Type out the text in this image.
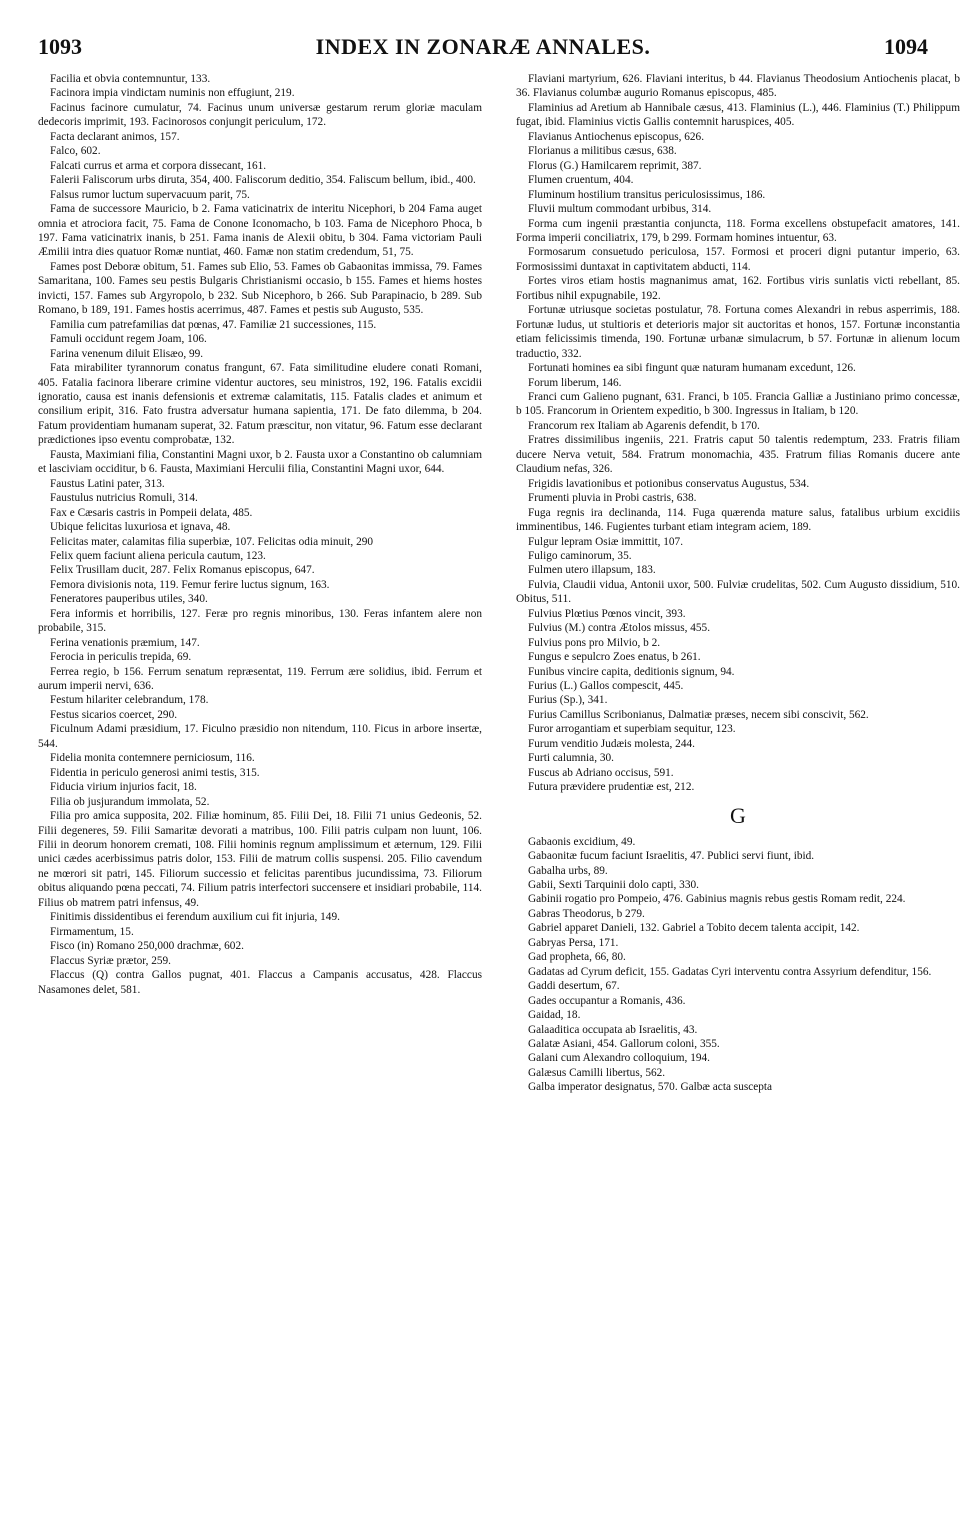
1093	INDEX IN ZONARÆ ANNALES.	1094

Facilia et obvia contemnuntur, 133.

Facinora impia vindictam numinis non effugiunt, 219.

Facinus facinore cumulatur, 74. Facinus unum universæ gestarum rerum gloriæ maculam dedecoris imprimit, 193. Facinorosos conjungit periculum, 172.

Facta declarant animos, 157.

Falco, 602.

Falcati currus et arma et corpora dissecant, 161.

Falerii Faliscorum urbs diruta, 354, 400. Faliscorum deditio, 354. Faliscum bellum, ibid., 400.

Falsus rumor luctum supervacuum parit, 75.

Fama de successore Mauricio, b 2. Fama vaticinatrix de interitu Nicephori, b 204 Fama auget omnia et atrociora facit, 75. Fama de Conone Iconomacho, b 103. Fama de Nicephoro Phoca, b 197. Fama vaticinatrix inanis, b 251. Fama inanis de Alexii obitu, b 304. Fama victoriam Pauli Æmilii intra dies quatuor Romæ nuntiat, 460. Famæ non statim credendum, 51, 75.

Fames post Deboræ obitum, 51. Fames sub Elio, 53. Fames ob Gabaonitas immissa, 79. Fames Samaritana, 100. Fames seu pestis Bulgaris Christianismi occasio, b 155. Fames et hiems hostes invicti, 157. Fames sub Argyropolo, b 232. Sub Nicephoro, b 266. Sub Parapinacio, b 289. Sub Romano, b 189, 191. Fames hostis acerrimus, 487. Fames et pestis sub Augusto, 535.

Familia cum patrefamilias dat pœnas, 47. Familiæ 21 successiones, 115.

Famuli occidunt regem Joam, 106.

Farina venenum diluit Elisæo, 99.

Fata mirabiliter tyrannorum conatus frangunt, 67. Fata similitudine eludere conati Romani, 405. Fatalia facinora liberare crimine videntur auctores, seu ministros, 192, 196. Fatalis excidii ignoratio, causa est inanis defensionis et extremæ calamitatis, 115. Fatalis clades et animum et consilium eripit, 316. Fato frustra adversatur humana sapientia, 171. De fato dilemma, b 204. Fatum providentiam humanam superat, 32. Fatum præscitur, non vitatur, 96. Fatum esse declarant prædictiones ipso eventu comprobatæ, 132.

Fausta, Maximiani filia, Constantini Magni uxor, b 2. Fausta uxor a Constantino ob calumniam et lasciviam occiditur, b 6. Fausta, Maximiani Herculii filia, Constantini Magni uxor, 644.

Faustus Latini pater, 313.

Faustulus nutricius Romuli, 314.

Fax e Cæsaris castris in Pompeii delata, 485.

Ubique felicitas luxuriosa et ignava, 48.

Felicitas mater, calamitas filia superbiæ, 107. Felicitas odia minuit, 290

Felix quem faciunt aliena pericula cautum, 123.

Felix Trusillam ducit, 287. Felix Romanus episcopus, 647.

Femora divisionis nota, 119. Femur ferire luctus signum, 163.

Feneratores pauperibus utiles, 340.

Fera informis et horribilis, 127. Feræ pro regnis minoribus, 130. Feras infantem alere non probabile, 315.

Ferina venationis præmium, 147.

Ferocia in periculis trepida, 69.

Ferrea regio, b 156. Ferrum senatum repræsentat, 119. Ferrum ære solidius, ibid. Ferrum et aurum imperii nervi, 636.

Festum hilariter celebrandum, 178.

Festus sicarios coercet, 290.

Ficulnum Adami præsidium, 17. Ficulno præsidio non nitendum, 110. Ficus in arbore insertæ, 544.

Fidelia monita contemnere perniciosum, 116.

Fidentia in periculo generosi animi testis, 315.

Fiducia virium injurios facit, 18.

Filia ob jusjurandum immolata, 52.

Filia pro amica supposita, 202. Filiæ hominum, 85. Filii Dei, 18. Filii 71 unius Gedeonis, 52. Filii degeneres, 59. Filii Samaritæ devorati a matribus, 100. Filii patris culpam non luunt, 106. Filii in deorum honorem cremati, 108. Filii hominis regnum amplissimum et æternum, 129. Filii unici cædes acerbissimus patris dolor, 153. Filii de matrum collis suspensi. 205. Filio cavendum ne mœrori sit patri, 145. Filiorum successio et felicitas parentibus jucundissima, 73. Filiorum obitus aliquando pœna peccati, 74. Filium patris interfectori succensere et insidiari probabile, 114. Filius ob matrem patri infensus, 49.

Finitimis dissidentibus ei ferendum auxilium cui fit injuria, 149.

Firmamentum, 15.

Fisco (in) Romano 250,000 drachmæ, 602.

Flaccus Syriæ prætor, 259.

Flaccus (Q) contra Gallos pugnat, 401. Flaccus a Campanis accusatus, 428. Flaccus Nasamones delet, 581.

Flaviani martyrium, 626. Flaviani interitus, b 44. Flavianus Theodosium Antiochenis placat, b 36. Flavianus columbæ augurio Romanus episcopus, 485.

Flaminius ad Aretium ab Hannibale cæsus, 413. Flaminius (L.), 446. Flaminius (T.) Philippum fugat, ibid. Flaminius victis Gallis contemnit haruspices, 405.

Flavianus Antiochenus episcopus, 626.

Florianus a militibus cæsus, 638.

Florus (G.) Hamilcarem reprimit, 387.

Flumen cruentum, 404.

Fluminum hostilium transitus periculosissimus, 186.

Fluvii multum commodant urbibus, 314.

Forma cum ingenii præstantia conjuncta, 118. Forma excellens obstupefacit amatores, 141. Forma imperii conciliatrix, 179, b 299. Formam homines intuentur, 63.

Formosarum consuetudo periculosa, 157. Formosi et proceri digni putantur imperio, 63. Formosissimi duntaxat in captivitatem abducti, 114.

Fortes viros etiam hostis magnanimus amat, 162. Fortibus viris sunlatis victi rebellant, 85. Fortibus nihil expugnabile, 192.

Fortunæ utriusque societas postulatur, 78. Fortuna comes Alexandri in rebus asperrimis, 188. Fortunæ ludus, ut stultioris et deterioris major sit auctoritas et honos, 157. Fortunæ inconstantia etiam felicissimis timenda, 190. Fortunæ urbanæ simulacrum, b 57. Fortunæ in alienum locum traductio, 332.

Fortunati homines ea sibi fingunt quæ naturam humanam excedunt, 126.

Forum liberum, 146.

Franci cum Galieno pugnant, 631. Franci, b 105. Francia Galliæ a Justiniano primo concessæ, b 105. Francorum in Orientem expeditio, b 300. Ingressus in Italiam, b 120.

Francorum rex Italiam ab Agarenis defendit, b 170.

Fratres dissimilibus ingeniis, 221. Fratris caput 50 talentis redemptum, 233. Fratris filiam ducere Nerva vetuit, 584. Fratrum monomachia, 435. Fratrum filias Romanis ducere ante Claudium nefas, 326.

Frigidis lavationibus et potionibus conservatus Augustus, 534.

Frumenti pluvia in Probi castris, 638.

Fuga regnis ira declinanda, 114. Fuga quærenda mature salus, fatalibus urbium excidiis imminentibus, 146. Fugientes turbant etiam integram aciem, 189.

Fulgur lepram Osiæ immittit, 107.

Fuligo caminorum, 35.

Fulmen utero illapsum, 183.

Fulvia, Claudii vidua, Antonii uxor, 500. Fulviæ crudelitas, 502. Cum Augusto dissidium, 510. Obitus, 511.

Fulvius Plœtius Pœnos vincit, 393.

Fulvius (M.) contra Ætolos missus, 455.

Fulvius pons pro Milvio, b 2.

Fungus e sepulcro Zoes enatus, b 261.

Funibus vincire capita, deditionis signum, 94.

Furius (L.) Gallos compescit, 445.

Furius (Sp.), 341.

Furius Camillus Scribonianus, Dalmatiæ præses, necem sibi conscivit, 562.

Furor arrogantiam et superbiam sequitur, 123.

Furum venditio Judæis molesta, 244.

Furti calumnia, 30.

Fuscus ab Adriano occisus, 591.

Futura prævidere prudentiæ est, 212.

G

Gabaonis excidium, 49.

Gabaonitæ fucum faciunt Israelitis, 47. Publici servi fiunt, ibid.

Gabalha urbs, 89.

Gabii, Sexti Tarquinii dolo capti, 330.

Gabinii rogatio pro Pompeio, 476. Gabinius magnis rebus gestis Romam redit, 224.

Gabras Theodorus, b 279.

Gabriel apparet Danieli, 132. Gabriel a Tobito decem talenta accipit, 142.

Gabryas Persa, 171.

Gad propheta, 66, 80.

Gadatas ad Cyrum deficit, 155. Gadatas Cyri interventu contra Assyrium defenditur, 156.

Gaddi desertum, 67.

Gades occupantur a Romanis, 436.

Gaidad, 18.

Galaaditica occupata ab Israelitis, 43.

Galatæ Asiani, 454. Gallorum coloni, 355.

Galani cum Alexandro colloquium, 194.

Galæsus Camilli libertus, 562.

Galba imperator designatus, 570. Galbæ acta suscepta
